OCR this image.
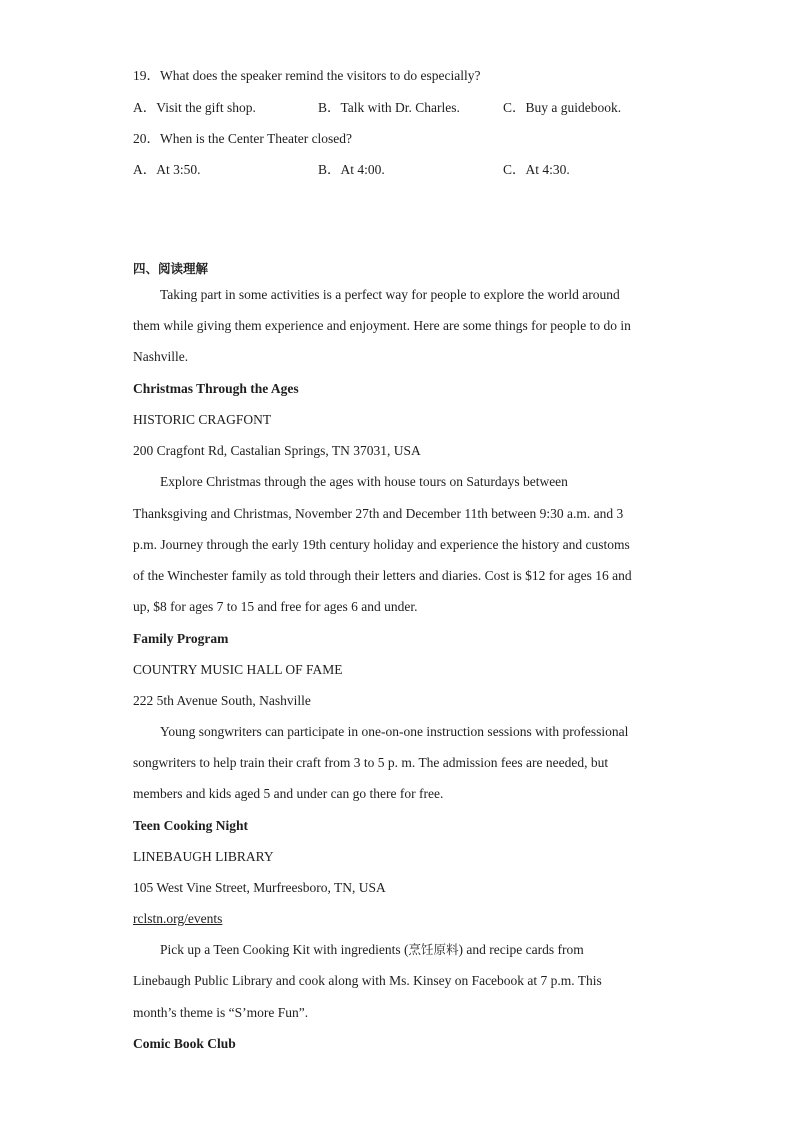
19．What does the speaker remind the visitors to do especially?
A．Visit the gift shop.	B．Talk with Dr. Charles.	C．Buy a guidebook.
20．When is the Center Theater closed?
A．At 3:50.	B．At 4:00.	C．At 4:30.
四、阅读理解
Taking part in some activities is a perfect way for people to explore the world around
them while giving them experience and enjoyment. Here are some things for people to do in
Nashville.
Christmas Through the Ages
HISTORIC CRAGFONT
200 Cragfont Rd, Castalian Springs, TN 37031, USA
Explore Christmas through the ages with house tours on Saturdays between
Thanksgiving and Christmas, November 27th and December 11th between 9:30 a.m. and 3
p.m. Journey through the early 19th century holiday and experience the history and customs
of the Winchester family as told through their letters and diaries. Cost is $12 for ages 16 and
up, $8 for ages 7 to 15 and free for ages 6 and under.
Family Program
COUNTRY MUSIC HALL OF FAME
222 5th Avenue South, Nashville
Young songwriters can participate in one-on-one instruction sessions with professional
songwriters to help train their craft from 3 to 5 p. m. The admission fees are needed, but
members and kids aged 5 and under can go there for free.
Teen Cooking Night
LINEBAUGH LIBRARY
105 West Vine Street, Murfreesboro, TN, USA
rclstn.org/events
Pick up a Teen Cooking Kit with ingredients (烹饪原料) and recipe cards from
Linebaugh Public Library and cook along with Ms. Kinsey on Facebook at 7 p.m. This
month’s theme is “S’more Fun”.
Comic Book Club
